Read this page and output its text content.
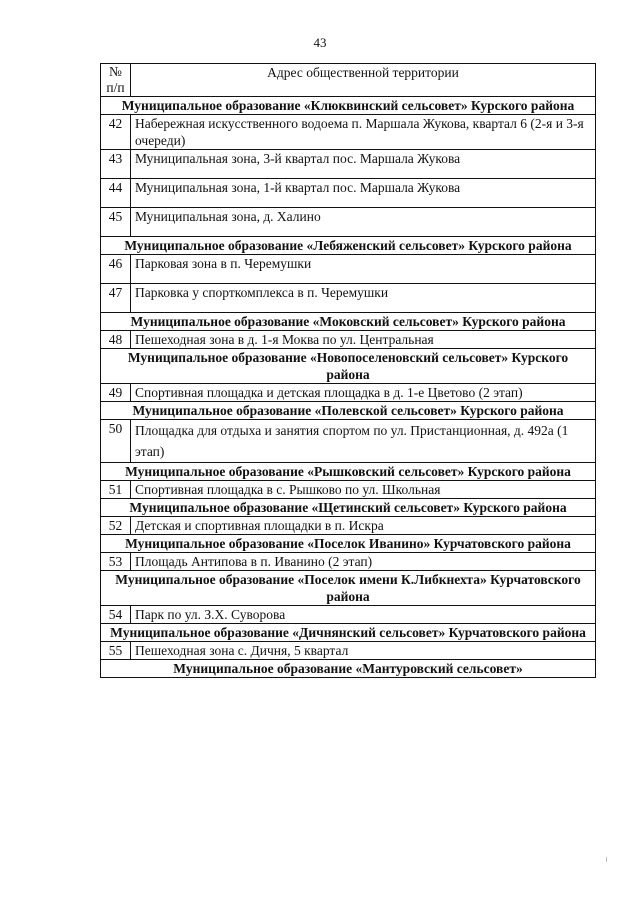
43
№
п/п	Адрес общественной территории
Муниципальное образование «Клюквинский сельсовет» Курского района	
42	Набережная искусственного водоема п. Маршала Жукова, квартал 6 (2-я и 3-я очереди)
43	Муниципальная зона, 3-й квартал пос. Маршала Жукова
44	Муниципальная зона, 1-й квартал пос. Маршала Жукова
45	Муниципальная зона, д. Халино
Муниципальное образование «Лебяженский сельсовет» Курского района	
46	Парковая зона в п. Черемушки
47	Парковка у спорткомплекса в п. Черемушки
Муниципальное образование «Моковский сельсовет» Курского района	
48	Пешеходная зона в д. 1-я Моква по ул. Центральная
Муниципальное образование «Новопоселеновский сельсовет» Курского района	
49	Спортивная площадка и детская площадка в д. 1-е Цветово (2 этап)
Муниципальное образование «Полевской сельсовет» Курского района	
50	Площадка для отдыха и занятия спортом по ул. Пристанционная, д. 492а (1 этап)
Муниципальное образование «Рышковский сельсовет» Курского района	
51	Спортивная площадка в с. Рышково по ул. Школьная
Муниципальное образование «Щетинский сельсовет» Курского района	
52	Детская и спортивная площадки в п. Искра
Муниципальное образование «Поселок Иванино» Курчатовского района	
53	Площадь Антипова в п. Иванино (2 этап)
Муниципальное образование «Поселок имени К.Либкнехта» Курчатовского района	
54	Парк по ул. З.Х. Суворова
Муниципальное образование «Дичнянский сельсовет» Курчатовского района	
55	Пешеходная зона с. Дичня, 5 квартал
Муниципальное образование «Мантуровский сельсовет»	
